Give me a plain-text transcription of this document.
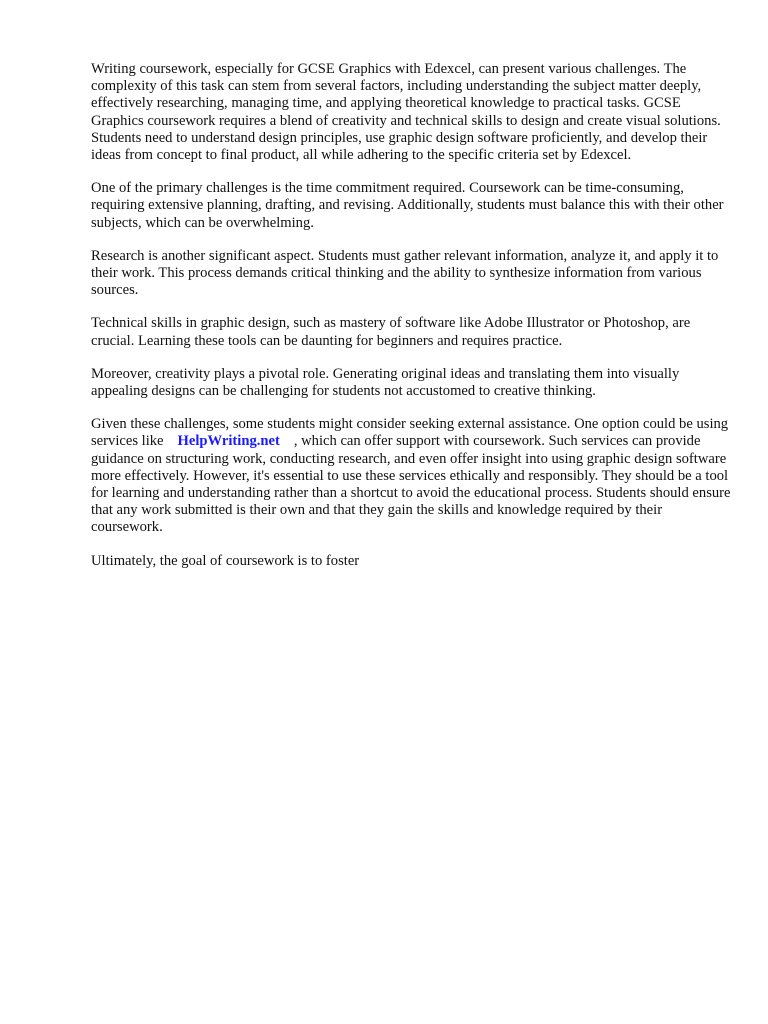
Writing coursework, especially for GCSE Graphics with Edexcel, can present various challenges. The complexity of this task can stem from several factors, including understanding the subject matter deeply, effectively researching, managing time, and applying theoretical knowledge to practical tasks. GCSE Graphics coursework requires a blend of creativity and technical skills to design and create visual solutions. Students need to understand design principles, use graphic design software proficiently, and develop their ideas from concept to final product, all while adhering to the specific criteria set by Edexcel.

One of the primary challenges is the time commitment required. Coursework can be time-consuming, requiring extensive planning, drafting, and revising. Additionally, students must balance this with their other subjects, which can be overwhelming.

Research is another significant aspect. Students must gather relevant information, analyze it, and apply it to their work. This process demands critical thinking and the ability to synthesize information from various sources.

Technical skills in graphic design, such as mastery of software like Adobe Illustrator or Photoshop, are crucial. Learning these tools can be daunting for beginners and requires practice.

Moreover, creativity plays a pivotal role. Generating original ideas and translating them into visually appealing designs can be challenging for students not accustomed to creative thinking.

Given these challenges, some students might consider seeking external assistance. One option could be using services like HelpWriting.net , which can offer support with coursework. Such services can provide guidance on structuring work, conducting research, and even offer insight into using graphic design software more effectively. However, it's essential to use these services ethically and responsibly. They should be a tool for learning and understanding rather than a shortcut to avoid the educational process. Students should ensure that any work submitted is their own and that they gain the skills and knowledge required by their coursework.

Ultimately, the goal of coursework is to foster
